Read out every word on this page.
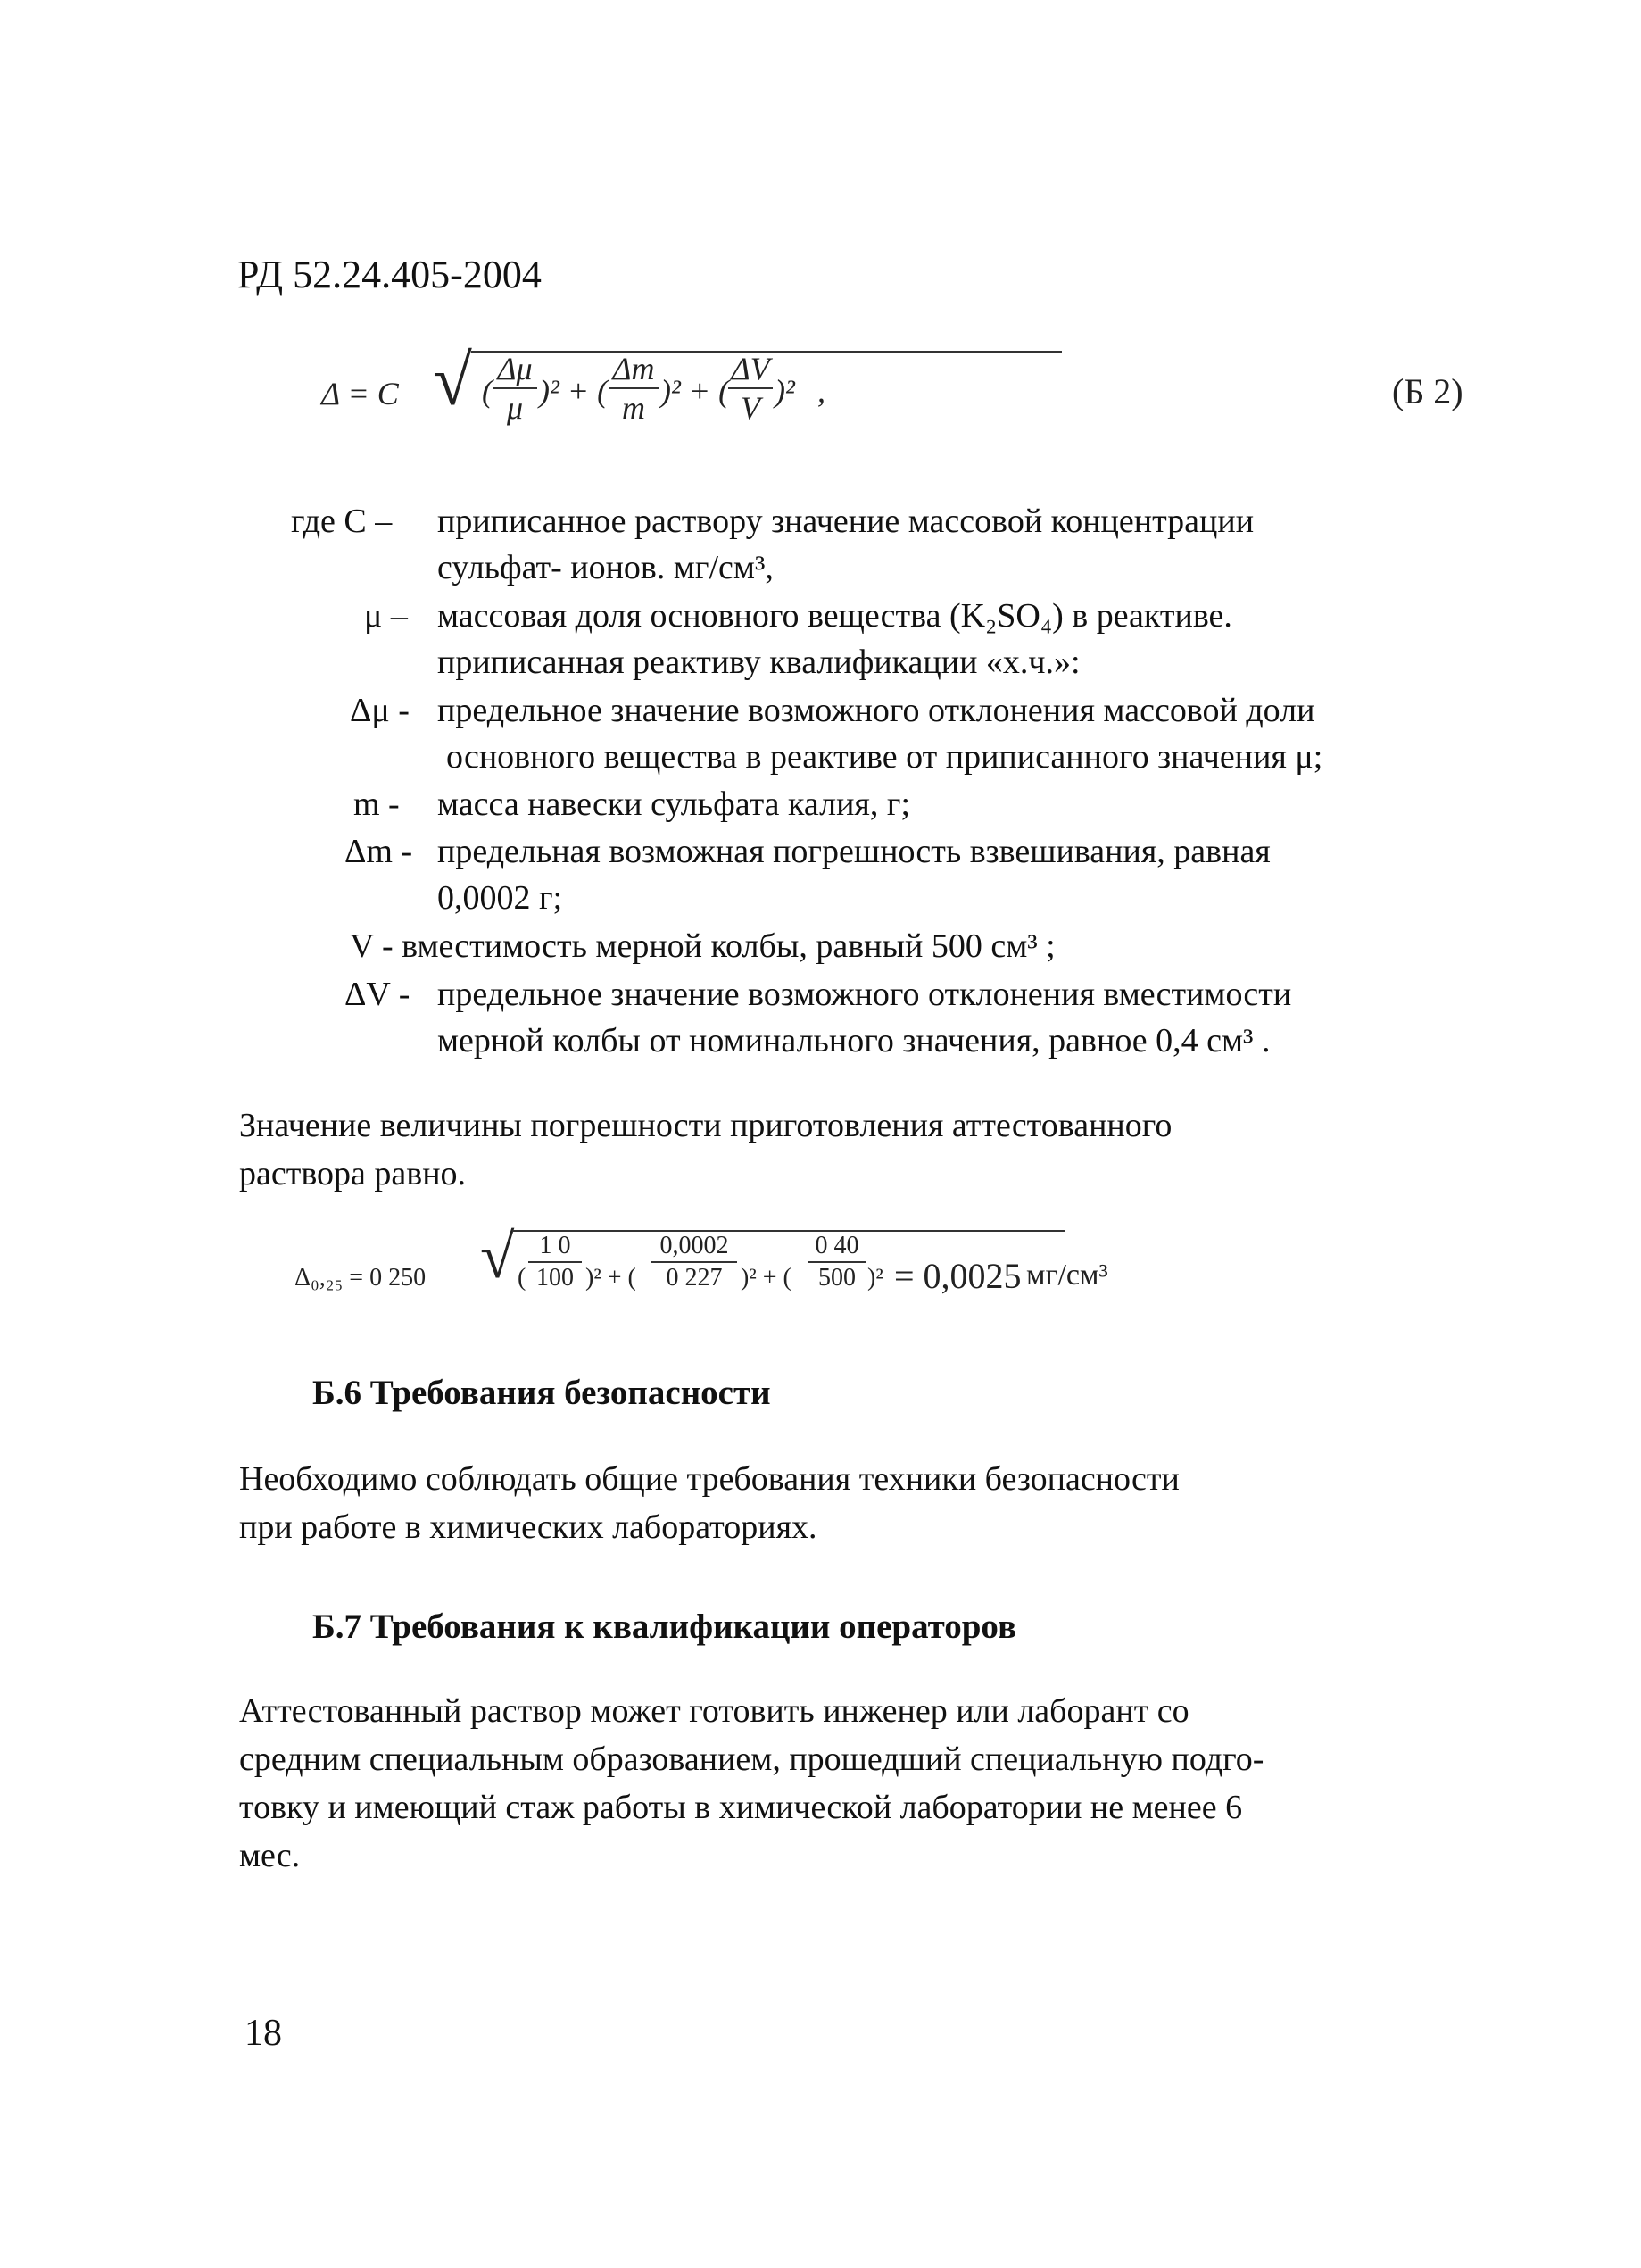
РД 52.24.405-2004
Δ = C √ (
Δμ
μ )² + (
Δm
m )² + (
ΔV
V )² ,	(Б 2)
где C – приписанное раствору значение массовой концентрации
сульфат- ионов. мг/см³,
μ – массовая доля основного вещества (K₂SO₄) в реактиве.
приписанная реактиву квалификации «х.ч.»:
Δμ - предельное значение возможного отклонения массовой доли
основного вещества в реактиве от приписанного значения μ;
m - масса навески сульфата калия, г;
Δm - предельная возможная погрешность взвешивания, равная
0,0002 г;
V - вместимость мерной колбы, равный 500 см³ ;
ΔV - предельное значение возможного отклонения вместимости
мерной колбы от номинального значения, равное 0,4 см³ .
Значение величины погрешности приготовления аттестованного
раствора равно.
Δ₀,₂₅ = 0 250 √ (
1 0
100 )² + (
0,0002
0 227 )² + (
0 40
500 )² = 0,0025 мг/см³
Б.6 Требования безопасности
Необходимо соблюдать общие требования техники безопасности
при работе в химических лабораториях.
Б.7 Требования к квалификации операторов
Аттестованный раствор может готовить инженер или лаборант со
средним специальным образованием, прошедший специальную подго-
товку и имеющий стаж работы в химической лаборатории не менее 6
мес.
18
